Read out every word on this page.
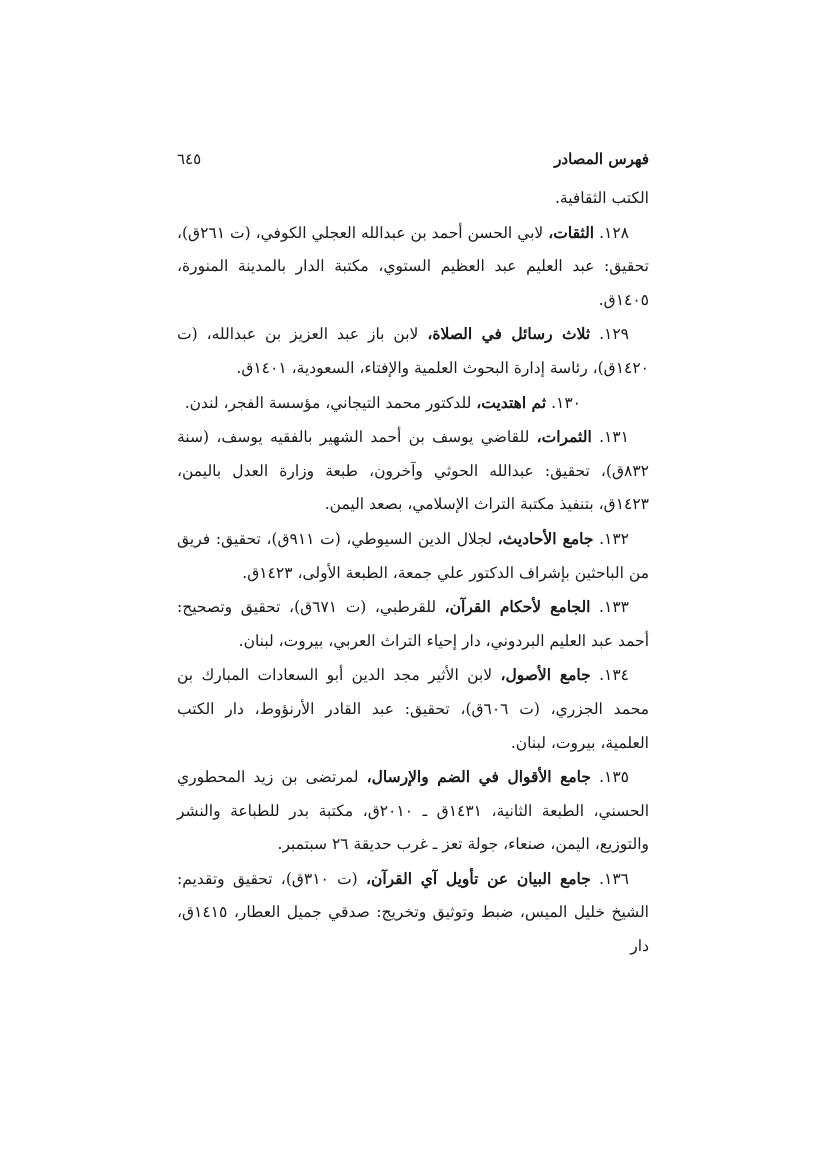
فهرس المصادر
٦٤٥

الكتب الثقافية.

١٢٨. الثقات، لابي الحسن أحمد بن عبدالله العجلي الكوفي، (ت ٢٦١ق)، تحقيق: عبد العليم عبد العظيم الستوي، مكتبة الدار بالمدينة المنورة، ١٤٠٥ق.

١٢٩. ثلاث رسائل في الصلاة، لابن باز عبد العزيز بن عبدالله، (ت ١٤٢٠ق)، رئاسة إدارة البحوث العلمية والإفتاء، السعودية، ١٤٠١ق.

١٣٠. ثم اهتديت، للدكتور محمد التيجاني، مؤسسة الفجر، لندن.

١٣١. الثمرات، للقاضي يوسف بن أحمد الشهير بالفقيه يوسف، (سنة ٨٣٢ق)، تحقيق: عبدالله الحوثي وآخرون، طبعة وزارة العدل باليمن، ١٤٢٣ق، بتنفيذ مكتبة التراث الإسلامي، بصعد اليمن.

١٣٢. جامع الأحاديث، لجلال الدين السيوطي، (ت ٩١١ق)، تحقيق: فريق من الباحثين بإشراف الدكتور علي جمعة، الطبعة الأولى، ١٤٢٣ق.

١٣٣. الجامع لأحكام القرآن، للقرطبي، (ت ٦٧١ق)، تحقيق وتصحيح: أحمد عبد العليم البردوني، دار إحياء التراث العربي، بيروت، لبنان.

١٣٤. جامع الأصول، لابن الأثير مجد الدين أبو السعادات المبارك بن محمد الجزري، (ت ٦٠٦ق)، تحقيق: عبد القادر الأرنؤوط، دار الكتب العلمية، بيروت، لبنان.

١٣٥. جامع الأقوال في الضم والإرسال، لمرتضى بن زيد المحطوري الحسني، الطبعة الثانية، ١٤٣١ق ـ ٢٠١٠ق، مكتبة بدر للطباعة والنشر والتوزيع، اليمن، صنعاء، جولة تعز ـ غرب حديقة ٢٦ سبتمبر.

١٣٦. جامع البيان عن تأويل آي القرآن، (ت ٣١٠ق)، تحقيق وتقديم: الشيخ خليل الميس، ضبط وتوثيق وتخريج: صدقي جميل العطار، ١٤١٥ق، دار
